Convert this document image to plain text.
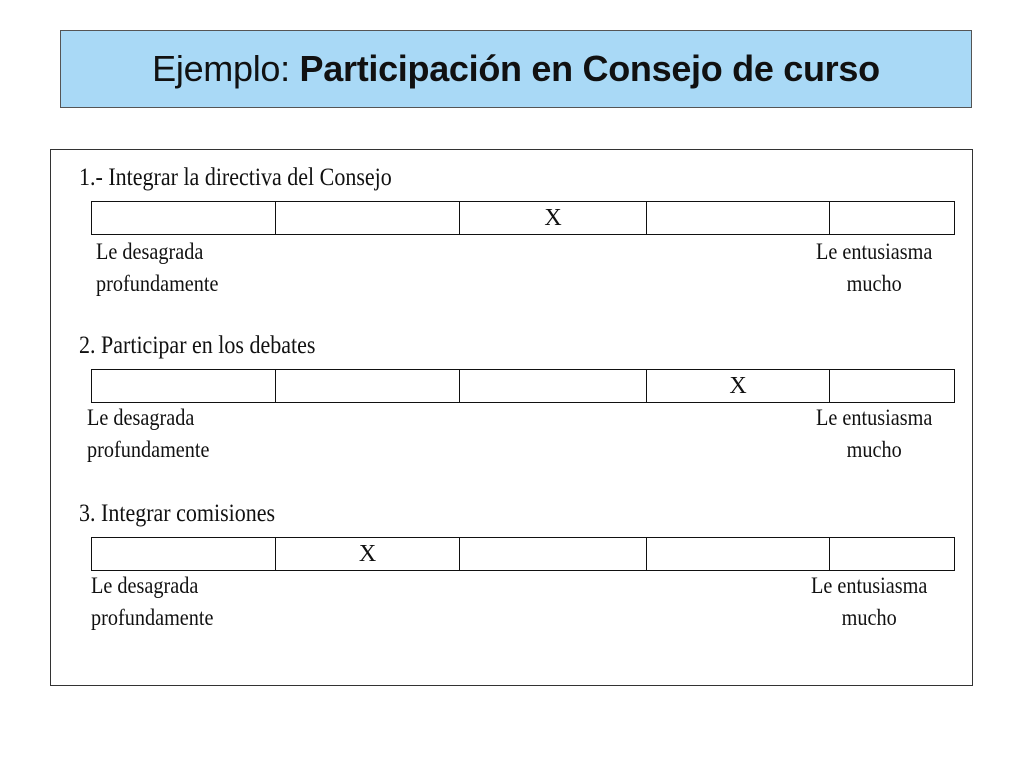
Ejemplo: Participación en Consejo de curso
1.- Integrar la directiva del Consejo
X
Le desagrada
profundamente
Le entusiasma
mucho
2. Participar en los debates
X
Le desagrada
profundamente
Le entusiasma
mucho
3. Integrar comisiones
X
Le desagrada
profundamente
Le entusiasma
mucho
